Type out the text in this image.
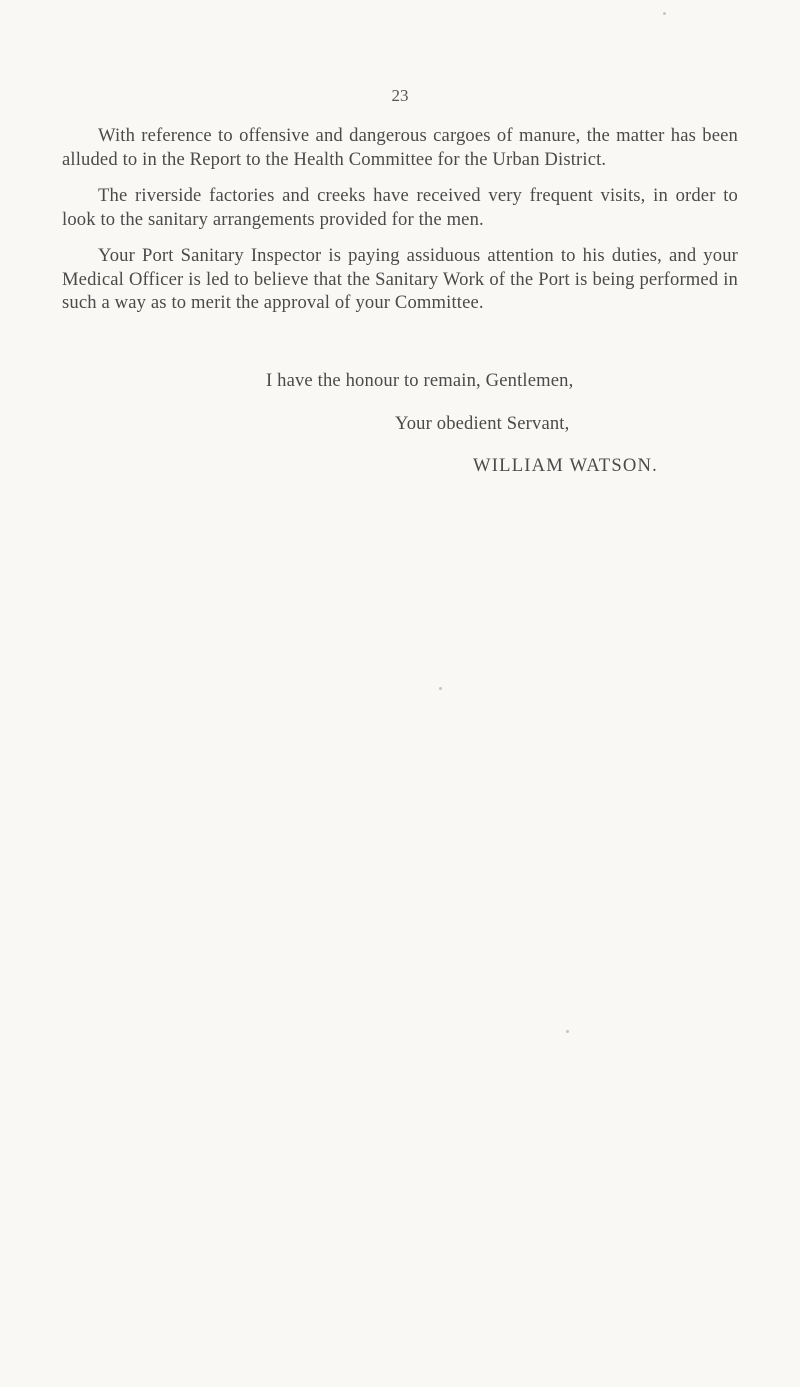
23

With reference to offensive and dangerous cargoes of manure, the matter has been alluded to in the Report to the Health Committee for the Urban District.

The riverside factories and creeks have received very frequent visits, in order to look to the sanitary arrangements provided for the men.

Your Port Sanitary Inspector is paying assiduous attention to his duties, and your Medical Officer is led to believe that the Sanitary Work of the Port is being performed in such a way as to merit the approval of your Committee.

I have the honour to remain, Gentlemen,
Your obedient Servant,
WILLIAM WATSON.
